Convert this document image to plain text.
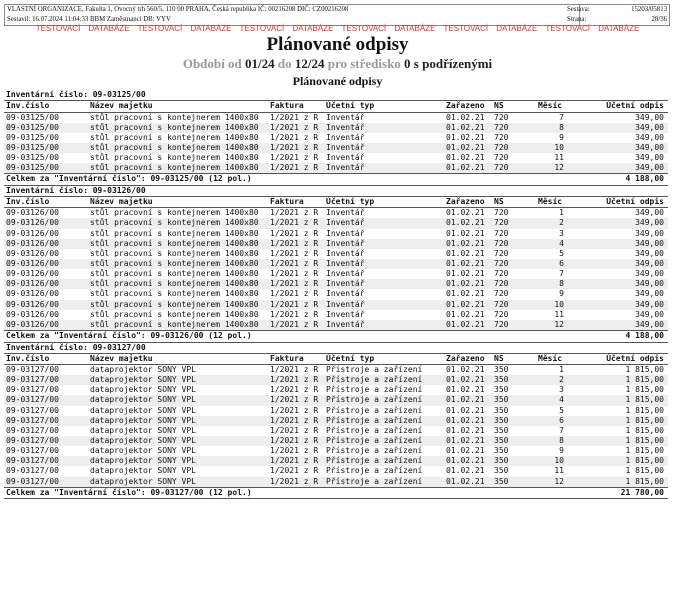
VLASTNÍ ORGANIZACE, Fakulta 1, Ovocný trh 560/5, 110 00 PRAHA, Česká republika IČ: 00216208 DIČ: CZ00216208
Sestavil: 16.07.2024 11:04:33 BBM Zaměstnanci DB: VYV
Sestava:	15203/05813
Strana:	28/36
TESTOVACÍ DATABÁZE TESTOVACÍ DATABÁZE TESTOVACÍ DATABÁZE TESTOVACÍ DATABÁZE TESTOVACÍ DATABÁZE TESTOVACÍ DATABÁZE
Plánované odpisy
Období od 01/24 do 12/24 pro středisko 0 s podřízenými
Plánované odpisy
Inventární číslo: 09-03125/00
Inv.číslo	Název majetku	Faktura	Účetní typ	Zařazeno NS	Měsíc	Účetní odpis
09-03125/00	stůl pracovní s kontejnerem 1400x80 1/2021 z R Inventář	01.02.21 720	7	349,00
09-03125/00	stůl pracovní s kontejnerem 1400x80 1/2021 z R Inventář	01.02.21 720	8	349,00
09-03125/00	stůl pracovní s kontejnerem 1400x80 1/2021 z R Inventář	01.02.21 720	9	349,00
09-03125/00	stůl pracovní s kontejnerem 1400x80 1/2021 z R Inventář	01.02.21 720	10	349,00
09-03125/00	stůl pracovní s kontejnerem 1400x80 1/2021 z R Inventář	01.02.21 720	11	349,00
09-03125/00	stůl pracovní s kontejnerem 1400x80 1/2021 z R Inventář	01.02.21 720	12	349,00
Celkem za "Inventární číslo": 09-03125/00 (12 pol.)	4 188,00
Inventární číslo: 09-03126/00
Inv.číslo	Název majetku	Faktura	Účetní typ	Zařazeno NS	Měsíc	Účetní odpis
09-03126/00	stůl pracovní s kontejnerem 1400x80 1/2021 z R Inventář	01.02.21 720	1	349,00
09-03126/00	stůl pracovní s kontejnerem 1400x80 1/2021 z R Inventář	01.02.21 720	2	349,00
09-03126/00	stůl pracovní s kontejnerem 1400x80 1/2021 z R Inventář	01.02.21 720	3	349,00
09-03126/00	stůl pracovní s kontejnerem 1400x80 1/2021 z R Inventář	01.02.21 720	4	349,00
09-03126/00	stůl pracovní s kontejnerem 1400x80 1/2021 z R Inventář	01.02.21 720	5	349,00
09-03126/00	stůl pracovní s kontejnerem 1400x80 1/2021 z R Inventář	01.02.21 720	6	349,00
09-03126/00	stůl pracovní s kontejnerem 1400x80 1/2021 z R Inventář	01.02.21 720	7	349,00
09-03126/00	stůl pracovní s kontejnerem 1400x80 1/2021 z R Inventář	01.02.21 720	8	349,00
09-03126/00	stůl pracovní s kontejnerem 1400x80 1/2021 z R Inventář	01.02.21 720	9	349,00
09-03126/00	stůl pracovní s kontejnerem 1400x80 1/2021 z R Inventář	01.02.21 720	10	349,00
09-03126/00	stůl pracovní s kontejnerem 1400x80 1/2021 z R Inventář	01.02.21 720	11	349,00
09-03126/00	stůl pracovní s kontejnerem 1400x80 1/2021 z R Inventář	01.02.21 720	12	349,00
Celkem za "Inventární číslo": 09-03126/00 (12 pol.)	4 188,00
Inventární číslo: 09-03127/00
Inv.číslo	Název majetku	Faktura	Účetní typ	Zařazeno NS	Měsíc	Účetní odpis
09-03127/00	dataprojektor SONY VPL	1/2021 z R Přístroje a zařízení	01.02.21 350	1	1 815,00
09-03127/00	dataprojektor SONY VPL	1/2021 z R Přístroje a zařízení	01.02.21 350	2	1 815,00
09-03127/00	dataprojektor SONY VPL	1/2021 z R Přístroje a zařízení	01.02.21 350	3	1 815,00
09-03127/00	dataprojektor SONY VPL	1/2021 z R Přístroje a zařízení	01.02.21 350	4	1 815,00
09-03127/00	dataprojektor SONY VPL	1/2021 z R Přístroje a zařízení	01.02.21 350	5	1 815,00
09-03127/00	dataprojektor SONY VPL	1/2021 z R Přístroje a zařízení	01.02.21 350	6	1 815,00
09-03127/00	dataprojektor SONY VPL	1/2021 z R Přístroje a zařízení	01.02.21 350	7	1 815,00
09-03127/00	dataprojektor SONY VPL	1/2021 z R Přístroje a zařízení	01.02.21 350	8	1 815,00
09-03127/00	dataprojektor SONY VPL	1/2021 z R Přístroje a zařízení	01.02.21 350	9	1 815,00
09-03127/00	dataprojektor SONY VPL	1/2021 z R Přístroje a zařízení	01.02.21 350	10	1 815,00
09-03127/00	dataprojektor SONY VPL	1/2021 z R Přístroje a zařízení	01.02.21 350	11	1 815,00
09-03127/00	dataprojektor SONY VPL	1/2021 z R Přístroje a zařízení	01.02.21 350	12	1 815,00
Celkem za "Inventární číslo": 09-03127/00 (12 pol.)	21 780,00
